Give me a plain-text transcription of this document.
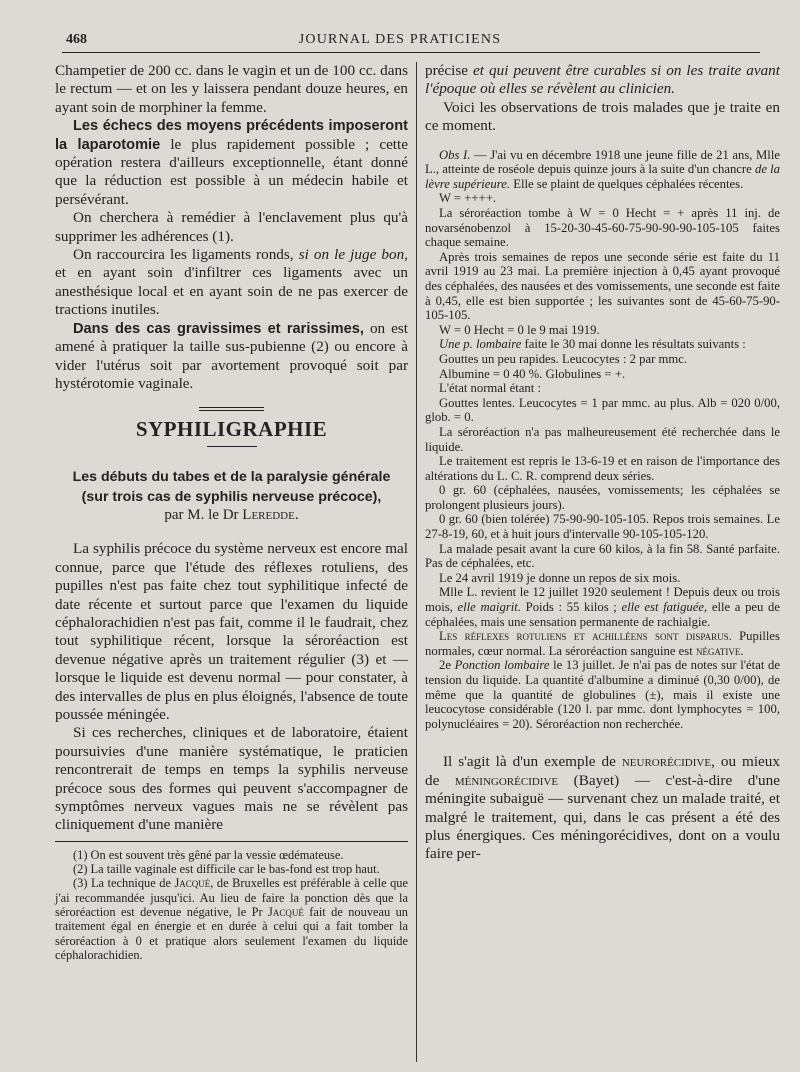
468	JOURNAL DES PRATICIENS

Champetier de 200 cc. dans le vagin et un de 100 cc. dans le rectum — et on les y laissera pendant douze heures, en ayant soin de morphiner la femme.

Les échecs des moyens précédents imposeront la laparotomie le plus rapidement possible ; cette opération restera d'ailleurs exceptionnelle, étant donné que la réduction est possible à un médecin habile et persévérant.

On cherchera à remédier à l'enclavement plus qu'à supprimer les adhérences (1).

On raccourcira les ligaments ronds, si on le juge bon, et en ayant soin d'infiltrer ces ligaments avec un anesthésique local et en ayant soin de ne pas exercer de tractions inutiles.

Dans des cas gravissimes et rarissimes, on est amené à pratiquer la taille sus-pubienne (2) ou encore à vider l'utérus soit par avortement provoqué soit par hystérotomie vaginale.

SYPHILIGRAPHIE

Les débuts du tabes et de la paralysie générale

(sur trois cas de syphilis nerveuse précoce),

par M. le Dr Leredde.

La syphilis précoce du système nerveux est encore mal connue, parce que l'étude des réflexes rotuliens, des pupilles n'est pas faite chez tout syphilitique infecté de date récente et surtout parce que l'examen du liquide céphalorachidien n'est pas fait, comme il le faudrait, chez tout syphilitique récent, lorsque la séroréaction est devenue négative après un traitement régulier (3) et — lorsque le liquide est devenu normal — pour constater, à des intervalles de plus en plus éloignés, l'absence de toute poussée méningée.

Si ces recherches, cliniques et de laboratoire, étaient poursuivies d'une manière systématique, le praticien rencontrerait de temps en temps la syphilis nerveuse précoce sous des formes qui peuvent s'accompagner de symptômes nerveux vagues mais ne se révèlent pas cliniquement d'une manière

(1) On est souvent très gêné par la vessie œdémateuse.

(2) La taille vaginale est difficile car le bas-fond est trop haut.

(3) La technique de Jacqué, de Bruxelles est préférable à celle que j'ai recommandée jusqu'ici. Au lieu de faire la ponction dès que la séroréaction est devenue négative, le Pr Jacqué fait de nouveau un traitement égal en énergie et en durée à celui qui a fait tomber la séroréaction à 0 et pratique alors seulement l'examen du liquide céphalorachidien.

précise et qui peuvent être curables si on les traite avant l'époque où elles se révèlent au clinicien.

Voici les observations de trois malades que je traite en ce moment.

Obs I. — J'ai vu en décembre 1918 une jeune fille de 21 ans, Mlle L., atteinte de roséole depuis quinze jours à la suite d'un chancre de la lèvre supérieure. Elle se plaint de quelques céphalées récentes.

W = ++++.

La séroréaction tombe à W = 0 Hecht = + après 11 inj. de novarsénobenzol à 15-20-30-45-60-75-90-90-90-105-105 faites chaque semaine.

Après trois semaines de repos une seconde série est faite du 11 avril 1919 au 23 mai. La première injection à 0,45 ayant provoqué des céphalées, des nausées et des vomissements, une seconde est faite à 0,45, elle est bien supportée ; les suivantes sont de 45-60-75-90-105-105.

W = 0 Hecht = 0 le 9 mai 1919.

Une p. lombaire faite le 30 mai donne les résultats suivants :

Gouttes un peu rapides. Leucocytes : 2 par mmc.

Albumine = 0 40 %. Globulines = +.

L'état normal étant :

Gouttes lentes. Leucocytes = 1 par mmc. au plus. Alb = 020 0/00, glob. = 0.

La séroréaction n'a pas malheureusement été recherchée dans le liquide.

Le traitement est repris le 13-6-19 et en raison de l'importance des altérations du L. C. R. comprend deux séries.

0 gr. 60 (céphalées, nausées, vomissements; les céphalées se prolongent plusieurs jours).

0 gr. 60 (bien tolérée) 75-90-90-105-105. Repos trois semaines. Le 27-8-19, 60, et à huit jours d'intervalle 90-105-105-120.

La malade pesait avant la cure 60 kilos, à la fin 58. Santé parfaite. Pas de céphalées, etc.

Le 24 avril 1919 je donne un repos de six mois.

Mlle L. revient le 12 juillet 1920 seulement ! Depuis deux ou trois mois, elle maigrit. Poids : 55 kilos ; elle est fatiguée, elle a peu de céphalées, mais une sensation permanente de rachialgie.

Les réflexes rotuliens et achilléens sont disparus. Pupilles normales, cœur normal. La séroréaction sanguine est négative.

2e Ponction lombaire le 13 juillet. Je n'ai pas de notes sur l'état de tension du liquide. La quantité d'albumine a diminué (0,30 0/00), de même que la quantité de globulines (±), mais il existe une leucocytose considérable (120 l. par mmc. dont lymphocytes = 100, polynucléaires = 20). Séroréaction non recherchée.

Il s'agit là d'un exemple de neurorécidive, ou mieux de méningorécidive (Bayet) — c'est-à-dire d'une méningite subaiguë — survenant chez un malade traité, et malgré le traitement, qui, dans le cas présent a été des plus énergiques. Ces méningorécidives, dont on a voulu faire per-
